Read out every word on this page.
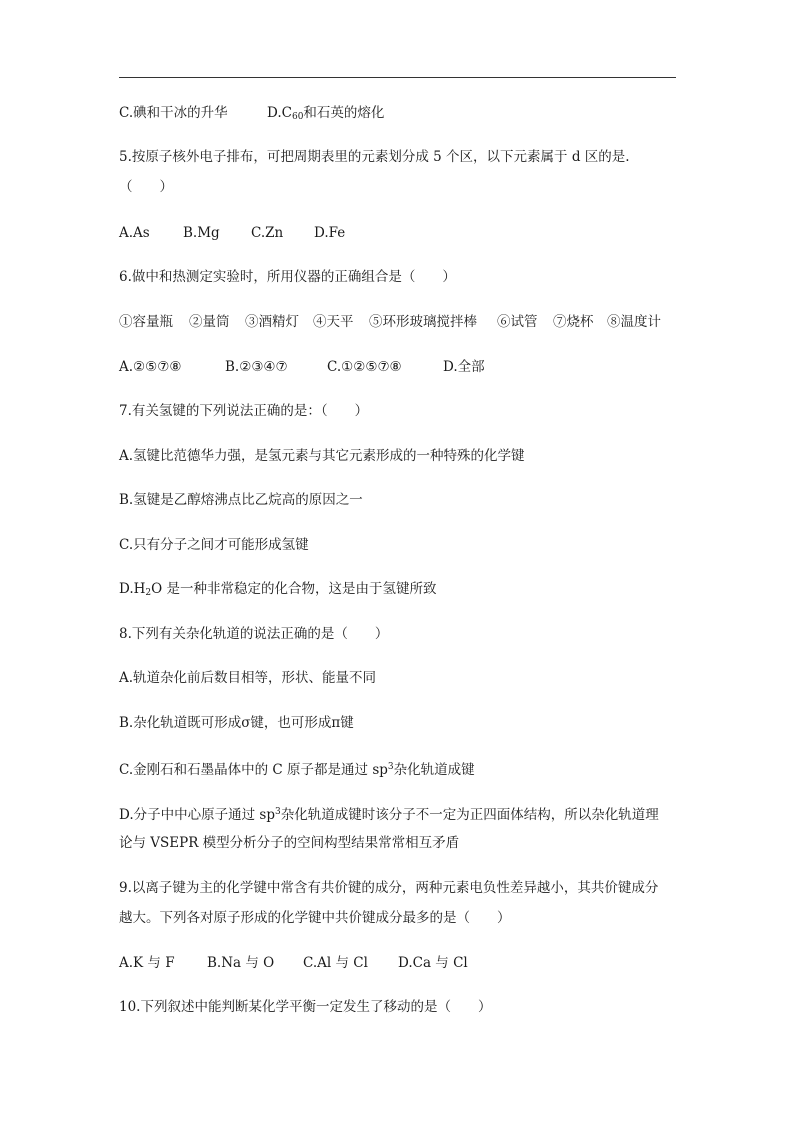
C.碘和干冰的升华	D.C60和石英的熔化
5.按原子核外电子排布，可把周期表里的元素划分成 5 个区，以下元素属于 d 区的是.
（　　）
A.As B.Mg C.Zn D.Fe
6.做中和热测定实验时，所用仪器的正确组合是（　　）
①容量瓶 ②量筒 ③酒精灯 ④天平 ⑤环形玻璃搅拌棒 ⑥试管 ⑦烧杯 ⑧温度计
A.②⑤⑦⑧	B.②③④⑦	C.①②⑤⑦⑧	D.全部
7.有关氢键的下列说法正确的是：（　　）
A.氢键比范德华力强，是氢元素与其它元素形成的一种特殊的化学键
B.氢键是乙醇熔沸点比乙烷高的原因之一
C.只有分子之间才可能形成氢键
$D.H_2O$ 是一种非常稳定的化合物，这是由于氢键所致
8.下列有关杂化轨道的说法正确的是（　　）
A.轨道杂化前后数目相等，形状、能量不同
B.杂化轨道既可形成σ键，也可形成π键
C.金刚石和石墨晶体中的 C 原子都是通过 $sp^3$杂化轨道成键
D.分子中中心原子通过 $sp^3$杂化轨道成键时该分子不一定为正四面体结构，所以杂化轨道理
论与 VSEPR 模型分析分子的空间构型结果常常相互矛盾
9.以离子键为主的化学键中常含有共价键的成分，两种元素电负性差异越小，其共价键成分
越大。下列各对原子形成的化学键中共价键成分最多的是（　　）
A.K 与 F B.Na 与 O C.Al 与 Cl D.Ca 与 Cl
10.下列叙述中能判断某化学平衡一定发生了移动的是（　　）
